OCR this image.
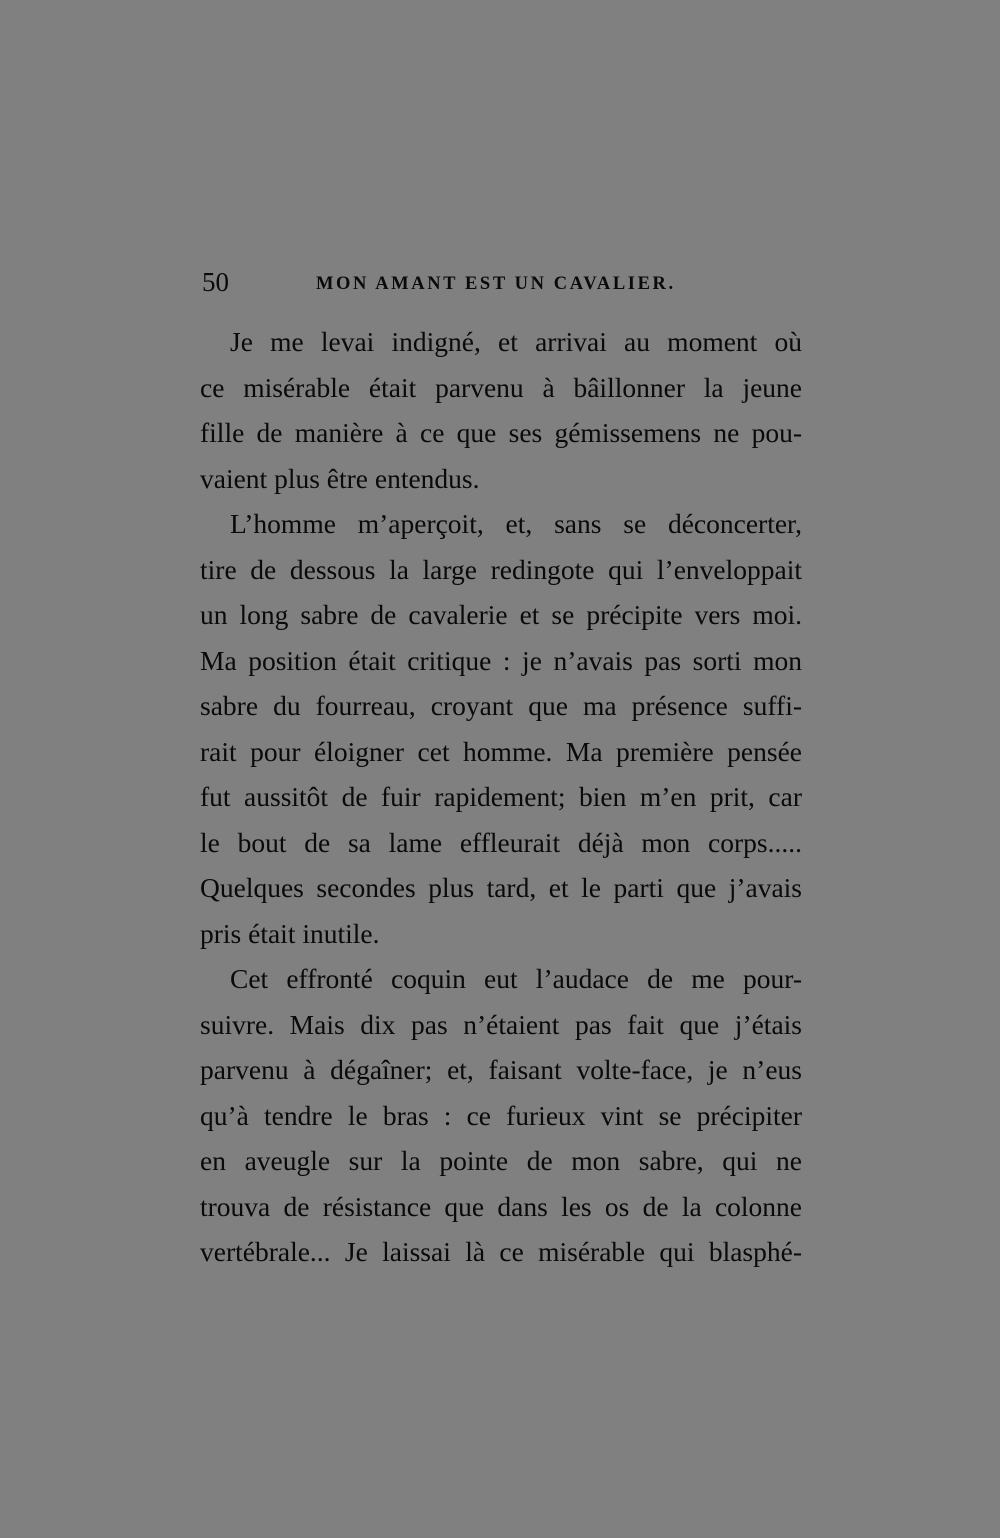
50	MON AMANT EST UN CAVALIER.
Je me levai indigné, et arrivai au moment où
ce misérable était parvenu à bâillonner la jeune
fille de manière à ce que ses gémissemens ne pou-
vaient plus être entendus.
L’homme m’aperçoit, et, sans se déconcerter,
tire de dessous la large redingote qui l’enveloppait
un long sabre de cavalerie et se précipite vers moi.
Ma position était critique : je n’avais pas sorti mon
sabre du fourreau, croyant que ma présence suffi-
rait pour éloigner cet homme. Ma première pensée
fut aussitôt de fuir rapidement; bien m’en prit, car
le bout de sa lame effleurait déjà mon corps.....
Quelques secondes plus tard, et le parti que j’avais
pris était inutile.
Cet effronté coquin eut l’audace de me pour-
suivre. Mais dix pas n’étaient pas fait que j’étais
parvenu à dégaîner; et, faisant volte-face, je n’eus
qu’à tendre le bras : ce furieux vint se précipiter
en aveugle sur la pointe de mon sabre, qui ne
trouva de résistance que dans les os de la colonne
vertébrale... Je laissai là ce misérable qui blasphé-
